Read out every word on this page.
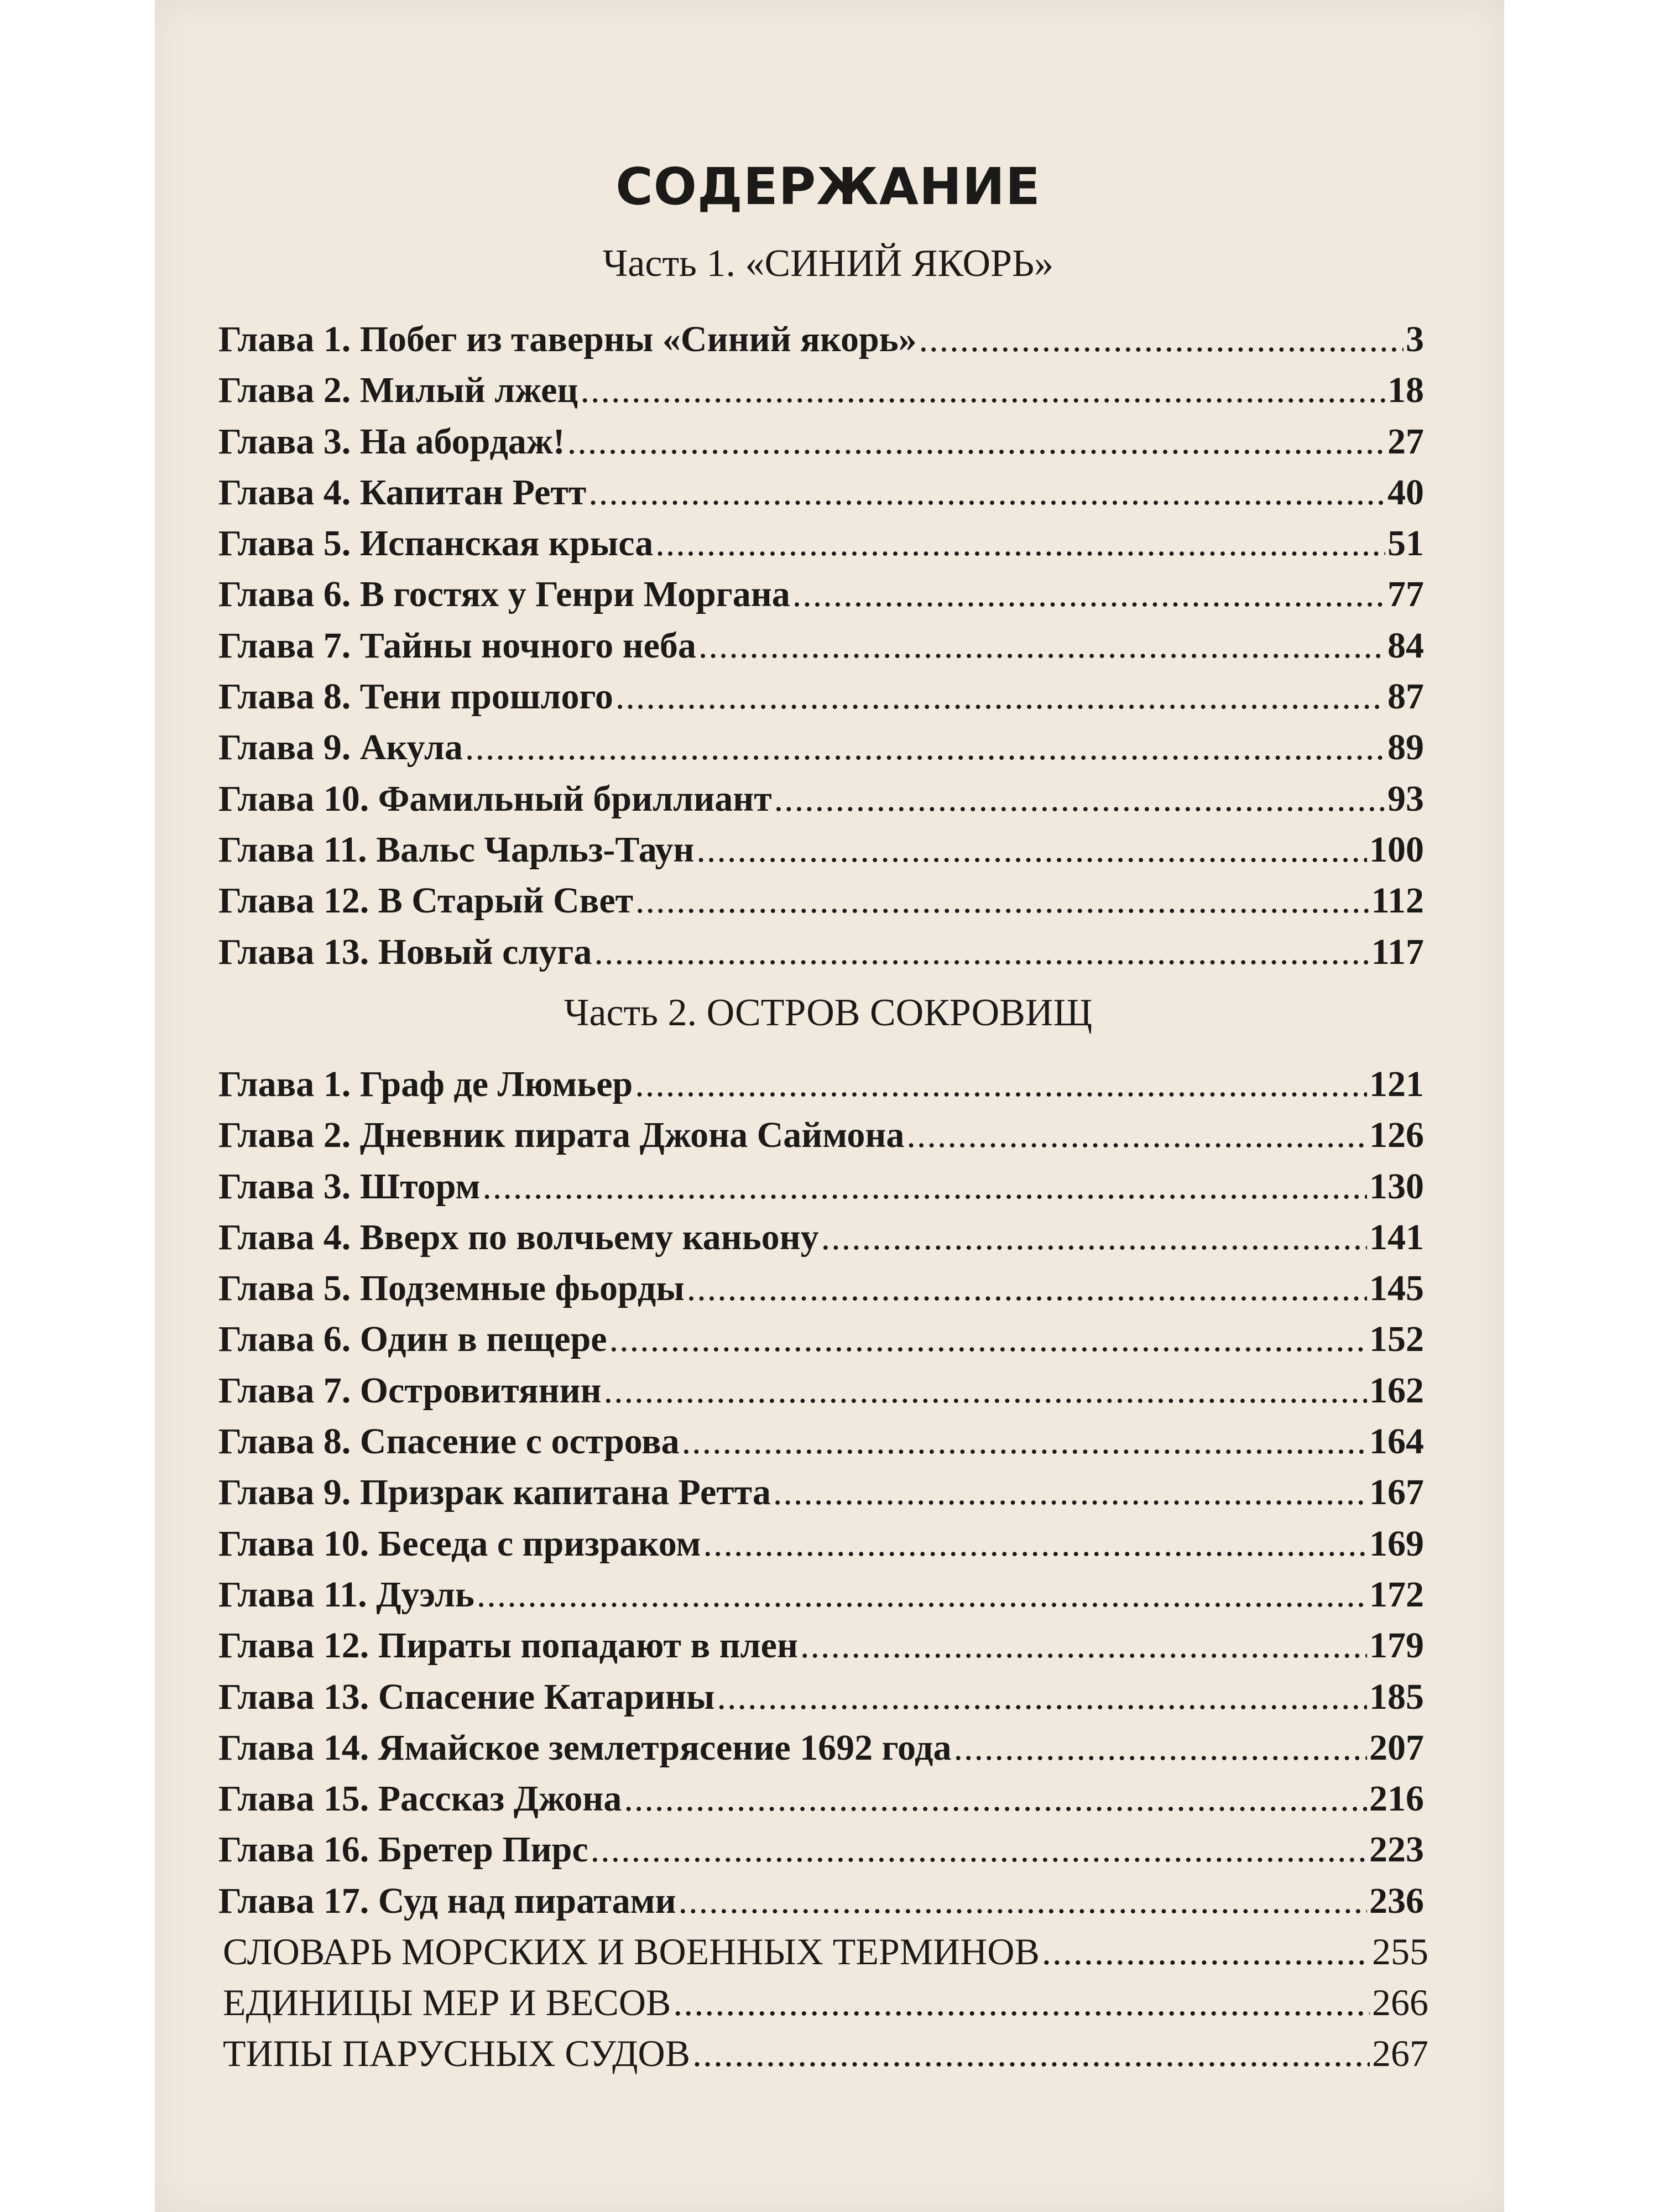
СОДЕРЖАНИЕ
Часть 1. «СИНИЙ ЯКОРЬ»
Глава 1. Побег из таверны «Синий якорь» .....	3
Глава 2. Милый лжец .....	18
Глава 3. На абордаж! .....	27
Глава 4. Капитан Ретт .....	40
Глава 5. Испанская крыса .....	51
Глава 6. В гостях у Генри Моргана .....	77
Глава 7. Тайны ночного неба .....	84
Глава 8. Тени прошлого .....	87
Глава 9. Акула .....	89
Глава 10. Фамильный бриллиант .....	93
Глава 11. Вальс Чарльз-Таун .....	100
Глава 12. В Старый Свет .....	112
Глава 13. Новый слуга .....	117
Часть 2. ОСТРОВ СОКРОВИЩ
Глава 1. Граф де Люмьер .....	121
Глава 2. Дневник пирата Джона Саймона .....	126
Глава 3. Шторм .....	130
Глава 4. Вверх по волчьему каньону .....	141
Глава 5. Подземные фьорды .....	145
Глава 6. Один в пещере .....	152
Глава 7. Островитянин .....	162
Глава 8. Спасение с острова .....	164
Глава 9. Призрак капитана Ретта .....	167
Глава 10. Беседа с призраком .....	169
Глава 11. Дуэль .....	172
Глава 12. Пираты попадают в плен .....	179
Глава 13. Спасение Катарины .....	185
Глава 14. Ямайское землетрясение 1692 года .....	207
Глава 15. Рассказ Джона .....	216
Глава 16. Бретер Пирс .....	223
Глава 17. Суд над пиратами .....	236
СЛОВАРЬ МОРСКИХ И ВОЕННЫХ ТЕРМИНОВ .....	255
ЕДИНИЦЫ МЕР И ВЕСОВ .....	266
ТИПЫ ПАРУСНЫХ СУДОВ .....	267
